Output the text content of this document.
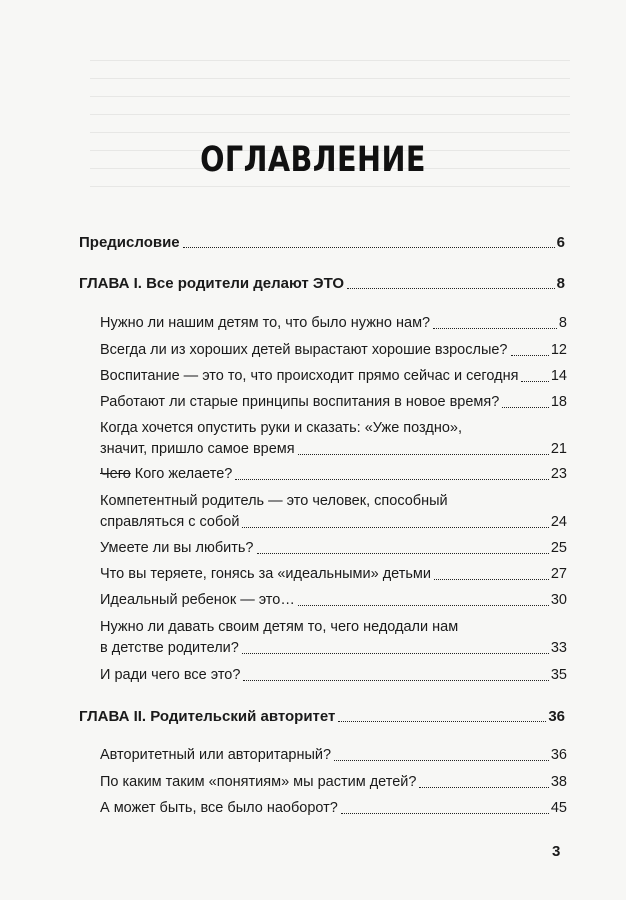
ОГЛАВЛЕНИЕ
Предисловие	6
ГЛАВА I. Все родители делают ЭТО	8
Нужно ли нашим детям то, что было нужно нам?	8
Всегда ли из хороших детей вырастают хорошие взрослые?	12
Воспитание — это то, что происходит прямо сейчас и сегодня 14
Работают ли старые принципы воспитания в новое время?	18
Когда хочется опустить руки и сказать: «Уже поздно»,
значит, пришло самое время	21
Чего Кого желаете?	23
Компетентный родитель — это человек, способный
справляться с собой	24
Умеете ли вы любить?	25
Что вы теряете, гонясь за «идеальными» детьми	27
Идеальный ребенок — это…	30
Нужно ли давать своим детям то, чего недодали нам
в детстве родители?	33
И ради чего все это?	35
ГЛАВА II. Родительский авторитет	36
Авторитетный или авторитарный?	36
По каким таким «понятиям» мы растим детей?	38
А может быть, все было наоборот?	45
3
